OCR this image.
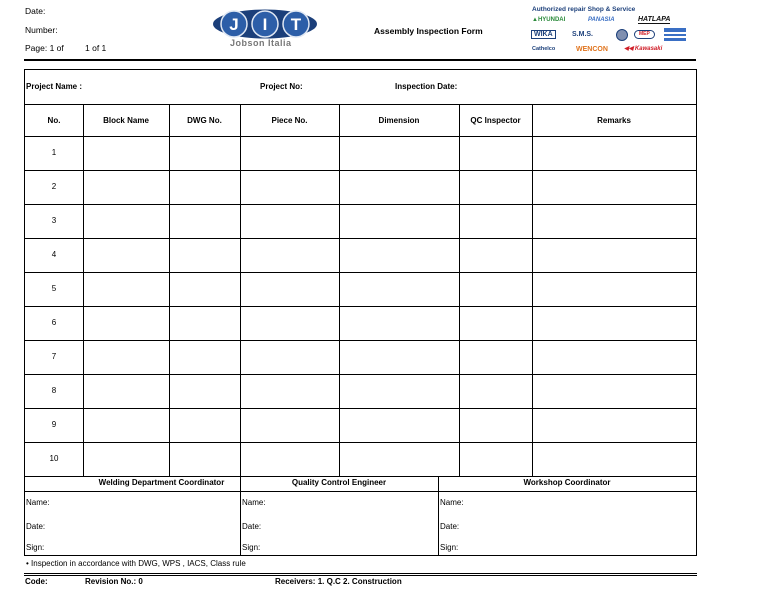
Date:
Number:
Page: 1 of 1 of 1
J I T
Jobson Italia
Assembly Inspection Form
Authorized repair Shop & Service
▲HYUNDAI	PANASIA	HATLAPA
WIKA	S.M.S.	MEP
Cathelco	WENCON	◀◀ Kawasaki
Project Name :	Project No:	Inspection Date:
No.	Block Name	DWG No.	Piece No.	Dimension	QC Inspector	Remarks
1
2
3
4
5
6
7
8
9
10
Welding Department Coordinator	Quality Control Engineer	Workshop Coordinator
Name:
Date:
Sign:
Name:
Date:
Sign:
Name:
Date:
Sign:
• Inspection in accordance with DWG, WPS , IACS, Class rule
Code:	Revision No.: 0	Receivers: 1. Q.C 2. Construction
